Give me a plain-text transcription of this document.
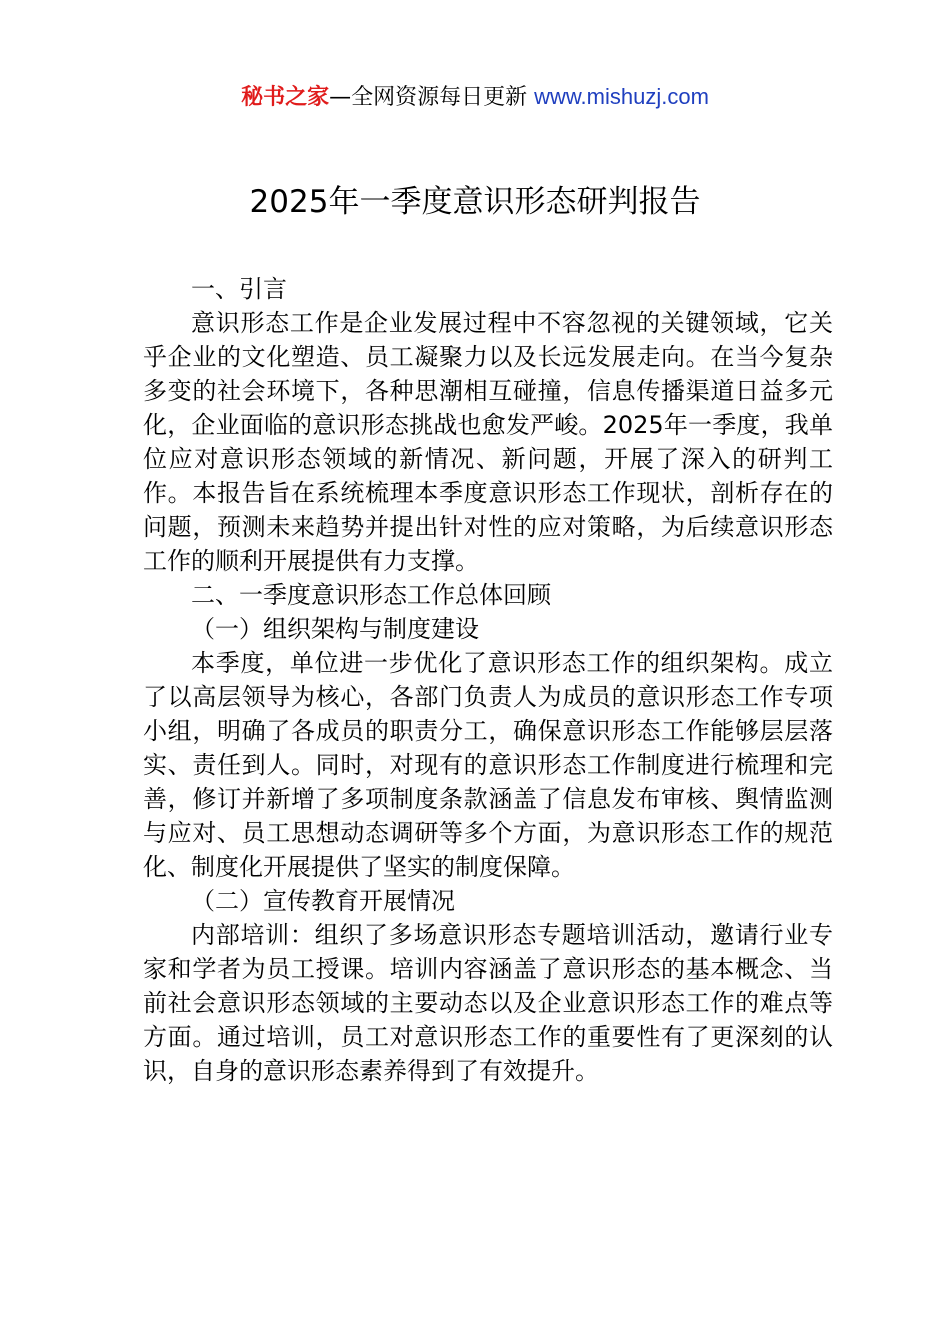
秘书之家—全网资源每日更新 www.mishuzj.com
2025年一季度意识形态研判报告

一、引言

意识形态工作是企业发展过程中不容忽视的关键领域，它关乎企业的文化塑造、员工凝聚力以及长远发展走向。在当今复杂多变的社会环境下，各种思潮相互碰撞，信息传播渠道日益多元化，企业面临的意识形态挑战也愈发严峻。2025年一季度，我单位应对意识形态领域的新情况、新问题，开展了深入的研判工作。本报告旨在系统梳理本季度意识形态工作现状，剖析存在的问题，预测未来趋势并提出针对性的应对策略，为后续意识形态工作的顺利开展提供有力支撑。

二、一季度意识形态工作总体回顾

（一）组织架构与制度建设

本季度，单位进一步优化了意识形态工作的组织架构。成立了以高层领导为核心，各部门负责人为成员的意识形态工作专项小组，明确了各成员的职责分工，确保意识形态工作能够层层落实、责任到人。同时，对现有的意识形态工作制度进行梳理和完善，修订并新增了多项制度条款涵盖了信息发布审核、舆情监测与应对、员工思想动态调研等多个方面，为意识形态工作的规范化、制度化开展提供了坚实的制度保障。

（二）宣传教育开展情况

内部培训：组织了多场意识形态专题培训活动，邀请行业专家和学者为员工授课。培训内容涵盖了意识形态的基本概念、当前社会意识形态领域的主要动态以及企业意识形态工作的难点等方面。通过培训，员工对意识形态工作的重要性有了更深刻的认识，自身的意识形态素养得到了有效提升。
